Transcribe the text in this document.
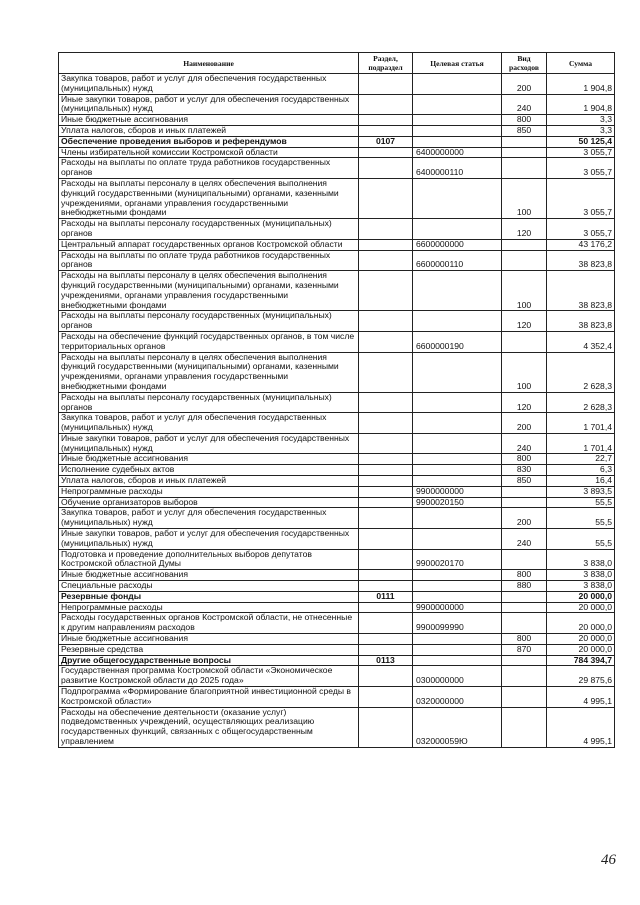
Наименование	Раздел, подраздел	Целевая статья	Вид расходов	Сумма
Закупка товаров, работ и услуг для обеспечения государственных (муниципальных) нужд			200	1 904,8
Иные закупки товаров, работ и услуг для обеспечения государственных (муниципальных) нужд			240	1 904,8
Иные бюджетные ассигнования			800	3,3
Уплата налогов, сборов и иных платежей			850	3,3
Обеспечение проведения выборов и референдумов	0107			50 125,4
Члены избирательной комиссии Костромской области		6400000000		3 055,7
Расходы на выплаты по оплате труда работников государственных органов		6400000110		3 055,7
Расходы на выплаты персоналу в целях обеспечения выполнения функций государственными (муниципальными) органами, казенными учреждениями, органами управления государственными внебюджетными фондами			100	3 055,7
Расходы на выплаты персоналу государственных (муниципальных) органов			120	3 055,7
Центральный аппарат государственных органов Костромской области		6600000000		43 176,2
Расходы на выплаты по оплате труда работников государственных органов		6600000110		38 823,8
Расходы на выплаты персоналу в целях обеспечения выполнения функций государственными (муниципальными) органами, казенными учреждениями, органами управления государственными внебюджетными фондами			100	38 823,8
Расходы на выплаты персоналу государственных (муниципальных) органов			120	38 823,8
Расходы на обеспечение функций государственных органов, в том числе территориальных органов		6600000190		4 352,4
Расходы на выплаты персоналу в целях обеспечения выполнения функций государственными (муниципальными) органами, казенными учреждениями, органами управления государственными внебюджетными фондами			100	2 628,3
Расходы на выплаты персоналу государственных (муниципальных) органов			120	2 628,3
Закупка товаров, работ и услуг для обеспечения государственных (муниципальных) нужд			200	1 701,4
Иные закупки товаров, работ и услуг для обеспечения государственных (муниципальных) нужд			240	1 701,4
Иные бюджетные ассигнования			800	22,7
Исполнение судебных актов			830	6,3
Уплата налогов, сборов и иных платежей			850	16,4
Непрограммные расходы		9900000000		3 893,5
Обучение организаторов выборов		9900020150		55,5
Закупка товаров, работ и услуг для обеспечения государственных (муниципальных) нужд			200	55,5
Иные закупки товаров, работ и услуг для обеспечения государственных (муниципальных) нужд			240	55,5
Подготовка и проведение дополнительных выборов депутатов Костромской областной Думы		9900020170		3 838,0
Иные бюджетные ассигнования			800	3 838,0
Специальные расходы			880	3 838,0
Резервные фонды	0111			20 000,0
Непрограммные расходы		9900000000		20 000,0
Расходы государственных органов Костромской области, не отнесенные к другим направлениям расходов		9900099990		20 000,0
Иные бюджетные ассигнования			800	20 000,0
Резервные средства			870	20 000,0
Другие общегосударственные вопросы	0113			784 394,7
Государственная программа Костромской области «Экономическое развитие Костромской области до 2025 года»		0300000000		29 875,6
Подпрограмма «Формирование благоприятной инвестиционной среды в Костромской области»		0320000000		4 995,1
Расходы на обеспечение деятельности (оказание услуг) подведомственных учреждений, осуществляющих реализацию государственных функций, связанных с общегосударственным управлением		032000059Ю		4 995,1
46
